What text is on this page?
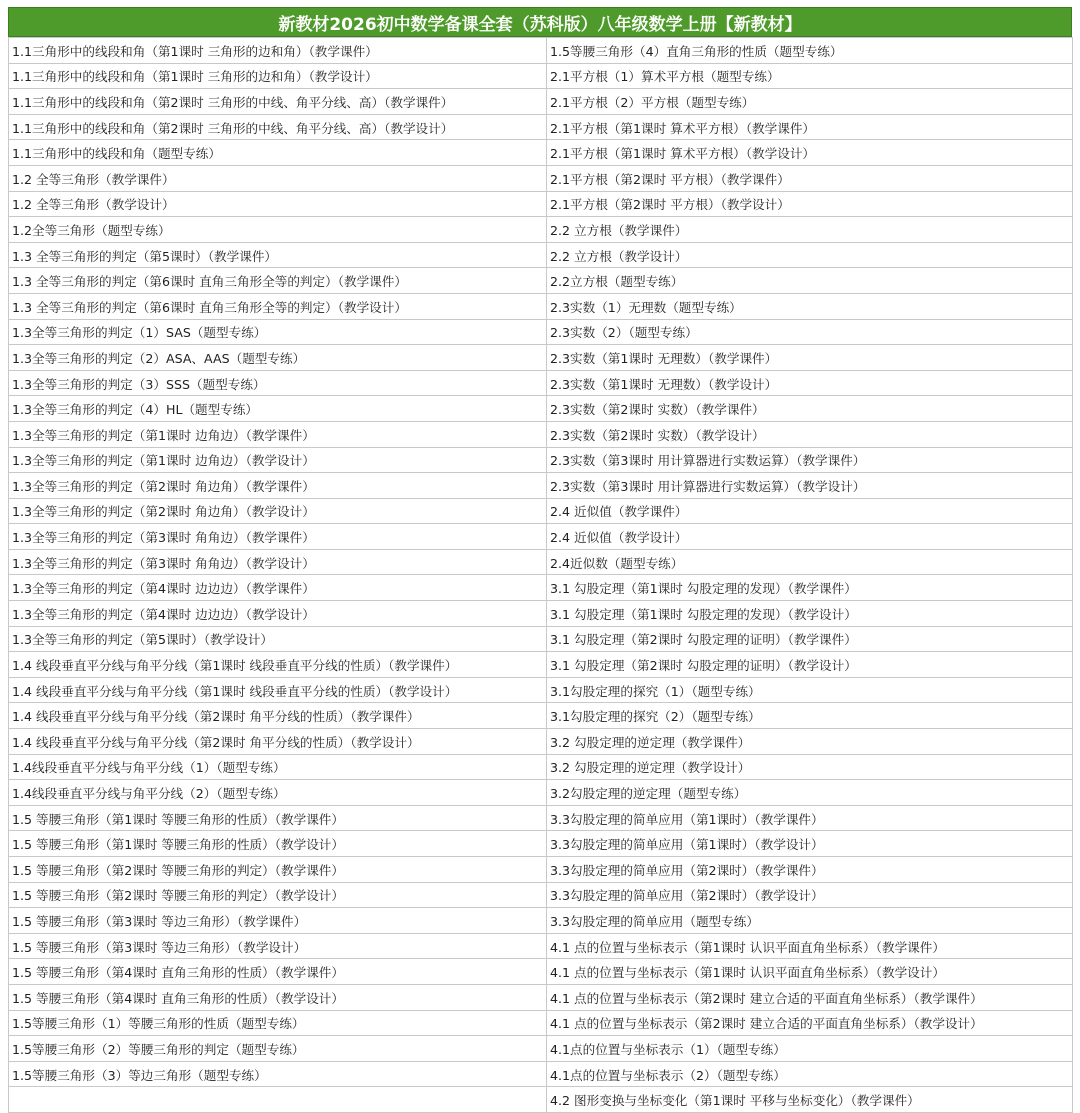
新教材2026初中数学备课全套（苏科版）八年级数学上册【新教材】
1.1三角形中的线段和角（第1课时 三角形的边和角）（教学课件）	1.5等腰三角形（4）直角三角形的性质（题型专练）
1.1三角形中的线段和角（第1课时 三角形的边和角）（教学设计）	2.1平方根（1）算术平方根（题型专练）
1.1三角形中的线段和角（第2课时 三角形的中线、角平分线、高）（教学课件）	2.1平方根（2）平方根（题型专练）
1.1三角形中的线段和角（第2课时 三角形的中线、角平分线、高）（教学设计）	2.1平方根（第1课时 算术平方根）（教学课件）
1.1三角形中的线段和角（题型专练）	2.1平方根（第1课时 算术平方根）（教学设计）
1.2 全等三角形（教学课件）	2.1平方根（第2课时 平方根）（教学课件）
1.2 全等三角形（教学设计）	2.1平方根（第2课时 平方根）（教学设计）
1.2全等三角形（题型专练）	2.2 立方根（教学课件）
1.3 全等三角形的判定（第5课时）（教学课件）	2.2 立方根（教学设计）
1.3 全等三角形的判定（第6课时 直角三角形全等的判定）（教学课件）	2.2立方根（题型专练）
1.3 全等三角形的判定（第6课时 直角三角形全等的判定）（教学设计）	2.3实数（1）无理数（题型专练）
1.3全等三角形的判定（1）SAS（题型专练）	2.3实数（2）（题型专练）
1.3全等三角形的判定（2）ASA、AAS（题型专练）	2.3实数（第1课时 无理数）（教学课件）
1.3全等三角形的判定（3）SSS（题型专练）	2.3实数（第1课时 无理数）（教学设计）
1.3全等三角形的判定（4）HL（题型专练）	2.3实数（第2课时 实数）（教学课件）
1.3全等三角形的判定（第1课时 边角边）（教学课件）	2.3实数（第2课时 实数）（教学设计）
1.3全等三角形的判定（第1课时 边角边）（教学设计）	2.3实数（第3课时 用计算器进行实数运算）（教学课件）
1.3全等三角形的判定（第2课时 角边角）（教学课件）	2.3实数（第3课时 用计算器进行实数运算）（教学设计）
1.3全等三角形的判定（第2课时 角边角）（教学设计）	2.4 近似值（教学课件）
1.3全等三角形的判定（第3课时 角角边）（教学课件）	2.4 近似值（教学设计）
1.3全等三角形的判定（第3课时 角角边）（教学设计）	2.4近似数（题型专练）
1.3全等三角形的判定（第4课时 边边边）（教学课件）	3.1 勾股定理（第1课时 勾股定理的发现）（教学课件）
1.3全等三角形的判定（第4课时 边边边）（教学设计）	3.1 勾股定理（第1课时 勾股定理的发现）（教学设计）
1.3全等三角形的判定（第5课时）（教学设计）	3.1 勾股定理（第2课时 勾股定理的证明）（教学课件）
1.4 线段垂直平分线与角平分线（第1课时 线段垂直平分线的性质）（教学课件）	3.1 勾股定理（第2课时 勾股定理的证明）（教学设计）
1.4 线段垂直平分线与角平分线（第1课时 线段垂直平分线的性质）（教学设计）	3.1勾股定理的探究（1）（题型专练）
1.4 线段垂直平分线与角平分线（第2课时 角平分线的性质）（教学课件）	3.1勾股定理的探究（2）（题型专练）
1.4 线段垂直平分线与角平分线（第2课时 角平分线的性质）（教学设计）	3.2 勾股定理的逆定理（教学课件）
1.4线段垂直平分线与角平分线（1）（题型专练）	3.2 勾股定理的逆定理（教学设计）
1.4线段垂直平分线与角平分线（2）（题型专练）	3.2勾股定理的逆定理（题型专练）
1.5 等腰三角形（第1课时 等腰三角形的性质）（教学课件）	3.3勾股定理的简单应用（第1课时）（教学课件）
1.5 等腰三角形（第1课时 等腰三角形的性质）（教学设计）	3.3勾股定理的简单应用（第1课时）（教学设计）
1.5 等腰三角形（第2课时 等腰三角形的判定）（教学课件）	3.3勾股定理的简单应用（第2课时）（教学课件）
1.5 等腰三角形（第2课时 等腰三角形的判定）（教学设计）	3.3勾股定理的简单应用（第2课时）（教学设计）
1.5 等腰三角形（第3课时 等边三角形）（教学课件）	3.3勾股定理的简单应用（题型专练）
1.5 等腰三角形（第3课时 等边三角形）（教学设计）	4.1 点的位置与坐标表示（第1课时 认识平面直角坐标系）（教学课件）
1.5 等腰三角形（第4课时 直角三角形的性质）（教学课件）	4.1 点的位置与坐标表示（第1课时 认识平面直角坐标系）（教学设计）
1.5 等腰三角形（第4课时 直角三角形的性质）（教学设计）	4.1 点的位置与坐标表示（第2课时 建立合适的平面直角坐标系）（教学课件）
1.5等腰三角形（1）等腰三角形的性质（题型专练）	4.1 点的位置与坐标表示（第2课时 建立合适的平面直角坐标系）（教学设计）
1.5等腰三角形（2）等腰三角形的判定（题型专练）	4.1点的位置与坐标表示（1）（题型专练）
1.5等腰三角形（3）等边三角形（题型专练）	4.1点的位置与坐标表示（2）（题型专练）
	4.2 图形变换与坐标变化（第1课时 平移与坐标变化）（教学课件）
